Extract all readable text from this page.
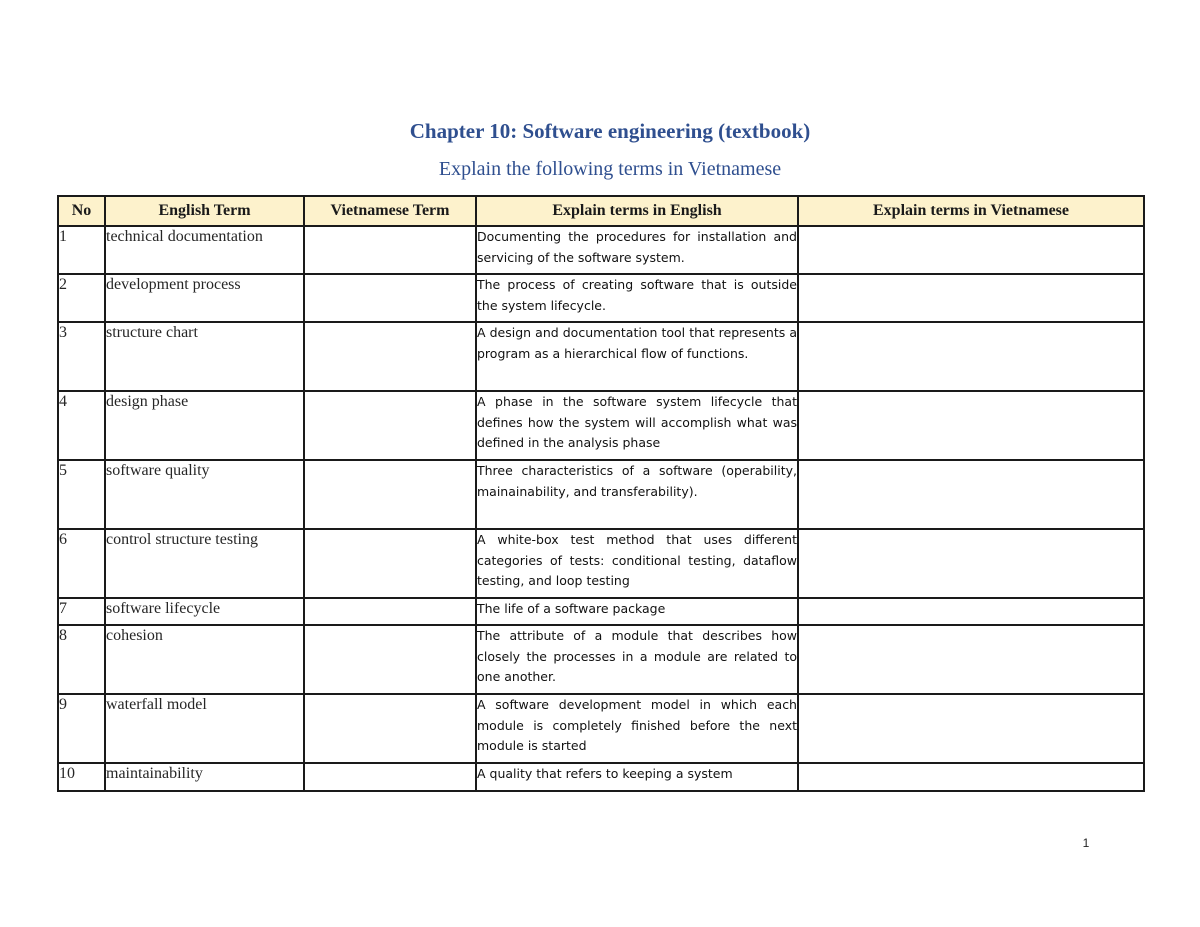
Chapter 10: Software engineering (textbook)
Explain the following terms in Vietnamese
No	English Term	Vietnamese Term	Explain terms in English	Explain terms in Vietnamese
1	technical documentation		Documenting the procedures for installation and servicing of the software system.	
2	development process		The process of creating software that is outside the system lifecycle.	
3	structure chart		A design and documentation tool that represents a program as a hierarchical flow of functions.	
4	design phase		A phase in the software system lifecycle that defines how the system will accomplish what was defined in the analysis phase	
5	software quality		Three characteristics of a software (operability, mainainability, and transferability).	
6	control structure testing		A white-box test method that uses different categories of tests: conditional testing, dataflow testing, and loop testing	
7	software lifecycle		The life of a software package	
8	cohesion		The attribute of a module that describes how closely the processes in a module are related to one another.	
9	waterfall model		A software development model in which each module is completely finished before the next module is started	
10	maintainability		A quality that refers to keeping a system	
1
